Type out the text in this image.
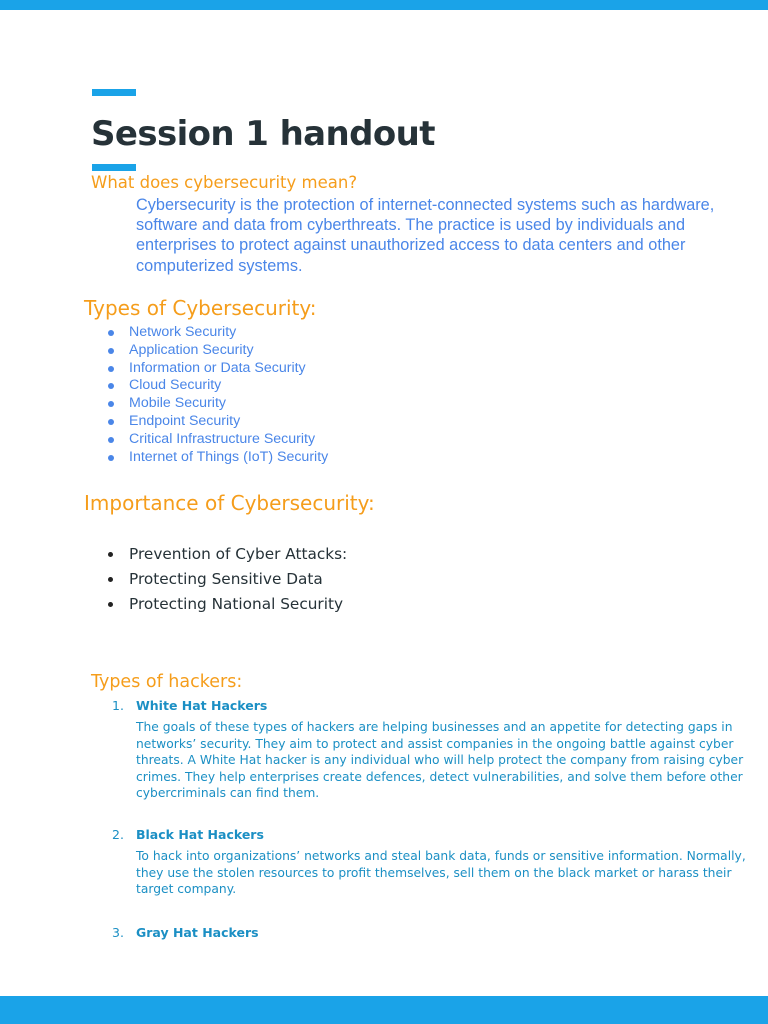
Session 1 handout
What does cybersecurity mean?

Cybersecurity is the protection of internet-connected systems such as hardware, software and data from cyberthreats. The practice is used by individuals and enterprises to protect against unauthorized access to data centers and other computerized systems.

Types of Cybersecurity:
Network Security
Application Security
Information or Data Security
Cloud Security
Mobile Security
Endpoint Security
Critical Infrastructure Security
Internet of Things (IoT) Security
Importance of Cybersecurity:
Prevention of Cyber Attacks:
Protecting Sensitive Data
Protecting National Security
Types of hackers:
1. White Hat Hackers

The goals of these types of hackers are helping businesses and an appetite for detecting gaps in networks’ security. They aim to protect and assist companies in the ongoing battle against cyber threats. A White Hat hacker is any individual who will help protect the company from raising cyber crimes. They help enterprises create defences, detect vulnerabilities, and solve them before other cybercriminals can find them.

2. Black Hat Hackers

To hack into organizations’ networks and steal bank data, funds or sensitive information. Normally, they use the stolen resources to profit themselves, sell them on the black market or harass their target company.

3. Gray Hat Hackers
